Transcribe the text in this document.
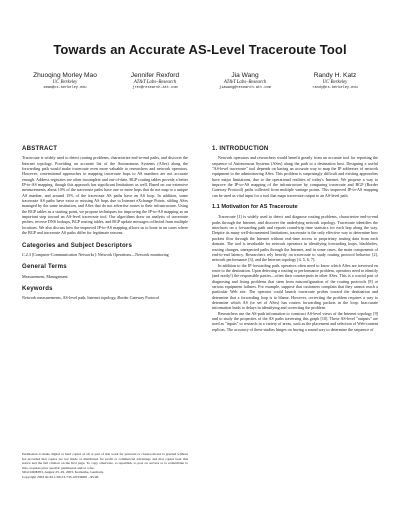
Towards an Accurate AS-Level Traceroute Tool
Zhuoqing Morley Mao
UC Berkeley
zmao@cs.berkeley.edu
Jennifer Rexford
AT&T Labs–Research
jrex@research.att.com
Jia Wang
AT&T Labs–Research
jiawang@research.att.com
Randy H. Katz
UC Berkeley
randy@cs.berkeley.edu
ABSTRACT

Traceroute is widely used to detect routing problems, characterize end-to-end paths, and discover the Internet topology. Providing an accurate list of the Autonomous Systems (ASes) along the forwarding path would make traceroute even more valuable to researchers and network operators. However, conventional approaches to mapping traceroute hops to AS numbers are not accurate enough. Address registries are often incomplete and out-of-date. BGP routing tables provide a better IP-to-AS mapping, though this approach has significant limitations as well. Based on our extensive measurements, about 10% of the traceroute paths have one or more hops that do not map to a unique AS number, and around 15% of the traceroute AS paths have an AS loop. In addition, some traceroute AS paths have extra or missing AS hops due to Internet eXchange Points, sibling ASes managed by the same institution, and ASes that do not advertise routes to their infrastructure. Using the BGP tables as a starting point, we propose techniques for improving the IP-to-AS mapping as an important step toward an AS-level traceroute tool. Our algorithms draw on analysis of traceroute probes, reverse DNS lookups, BGP routing tables, and BGP update messages collected from multiple locations. We also discuss how the improved IP-to-AS mapping allows us to hone in on cases where the BGP and traceroute AS paths differ for legitimate reasons.

Categories and Subject Descriptors

C.2.3 [Computer-Communication Networks]: Network Operations—Network monitoring

General Terms

Measurement, Management

Keywords

Network measurements, AS-level path, Internet topology, Border Gateway Protocol

Permission to make digital or hard copies of all or part of this work for personal or classroom use is granted without fee provided that copies are not made or distributed for profit or commercial advantage and that copies bear this notice and the full citation on the first page. To copy otherwise, to republish, to post on servers or to redistribute to lists, requires prior specific permission and/or a fee.

SIGCOMM'03, August 25–29, 2003, Karlsruhe, Germany.

Copyright 2003 ACM 1-58113-735-4/03/0008 ...$5.00.

1. INTRODUCTION

Network operators and researchers would benefit greatly from an accurate tool for reporting the sequence of Autonomous Systems (ASes) along the path to a destination host. Designing a useful "AS-level traceroute" tool depends on having an accurate way to map the IP addresses of network equipment to the administering ASes. This problem is surprisingly difficult and existing approaches have major limitations, due to the operational realities of today's Internet. We propose a way to improve the IP-to-AS mapping of the infrastructure by comparing traceroute and BGP (Border Gateway Protocol) paths collected from multiple vantage points. This improved IP-to-AS mapping can be used as vital input for a tool that maps traceroute output to an AS-level path.

1.1 Motivation for AS Traceroute

Traceroute [1] is widely used to detect and diagnose routing problems, characterize end-to-end paths through the Internet, and discover the underlying network topology. Traceroute identifies the interfaces on a forwarding path and reports round-trip time statistics for each hop along the way. Despite its many well-documented limitations, traceroute is the only effective way to determine how packets flow through the Internet without real-time access to proprietary routing data from each domain. The tool is invaluable for network operators in identifying forwarding loops, blackholes, routing changes, unexpected paths through the Internet, and in some cases, the main components of end-to-end latency. Researchers rely heavily on traceroute to study routing protocol behavior [2], network performance [3], and the Internet topology [4, 5, 6, 7].

In addition to the IP forwarding path, operators often need to know which ASes are traversed en route to the destination. Upon detecting a routing or performance problem, operators need to identify (and notify!) the responsible parties—often their counterparts in other ASes. This is a crucial part of diagnosing and fixing problems that stem from misconfiguration of the routing protocols [8] or serious equipment failures. For example, suppose that customers complain that they cannot reach a particular Web site. The operator could launch traceroute probes toward the destination and determine that a forwarding loop is to blame. However, correcting the problem requires a way to determine which AS (or set of ASes) has routers forwarding packets in the loop. Inaccurate information leads to delays in identifying and correcting the problem.

Researchers use the AS-path information to construct AS-level views of the Internet topology [9] and to study the properties of the AS paths traversing this graph [10]. These AS-level "outputs" are used as "inputs" to research in a variety of areas, such as the placement and selection of Web-content replicas. The accuracy of these studies hinges on having a sound way to determine the sequence of
